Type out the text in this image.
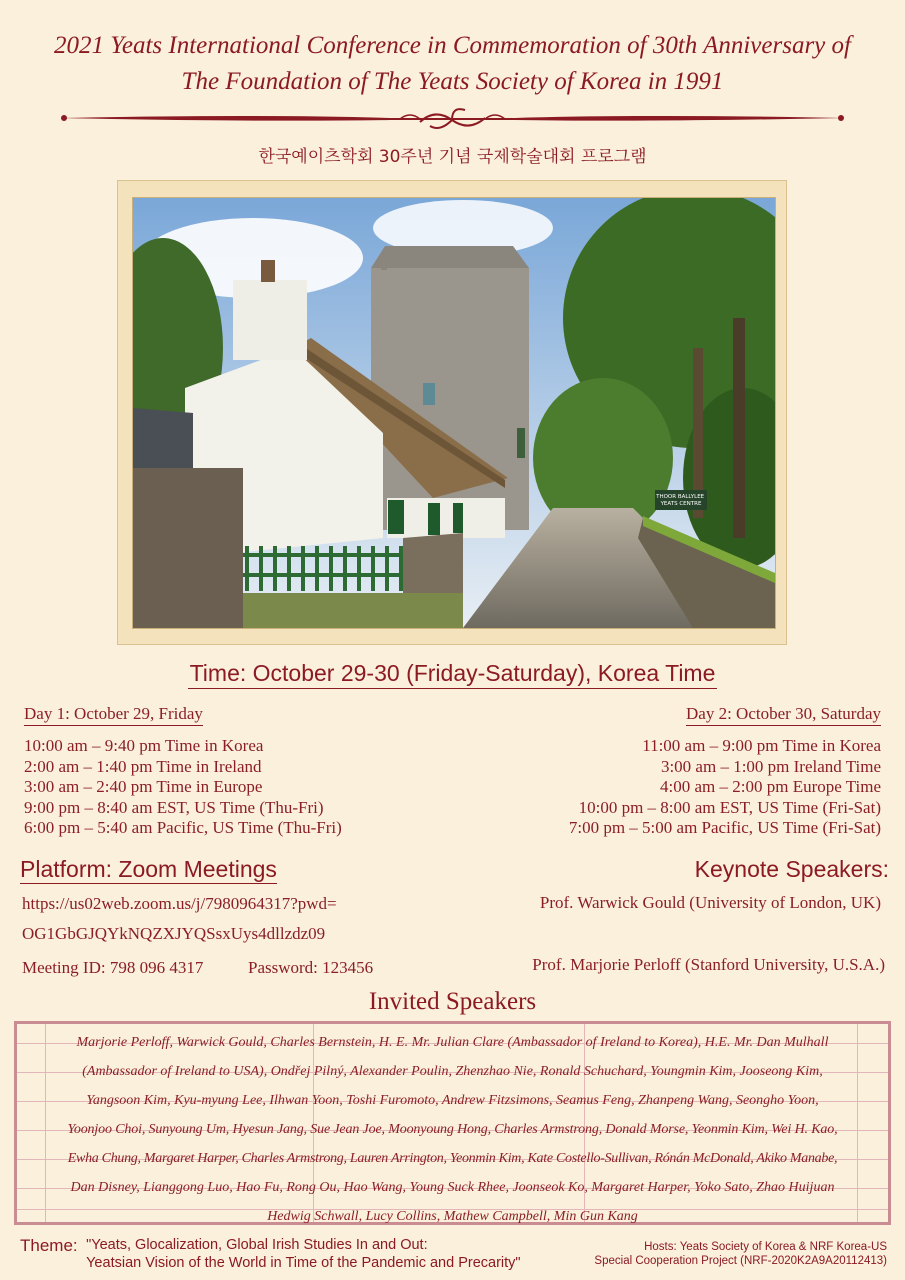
2021 Yeats International Conference in Commemoration of 30th Anniversary of
The Foundation of The Yeats Society of Korea in 1991
한국예이츠학회 30주년 기념 국제학술대회 프로그램
THOOR BALLYLEE YEATS CENTRE
Time: October 29-30 (Friday-Saturday), Korea Time
Day 1: October 29, Friday
10:00 am – 9:40 pm Time in Korea
2:00 am – 1:40 pm Time in Ireland
3:00 am – 2:40 pm Time in Europe
9:00 pm – 8:40 am EST, US Time (Thu-Fri)
6:00 pm – 5:40 am Pacific, US Time (Thu-Fri)
Day 2: October 30, Saturday
11:00 am – 9:00 pm Time in Korea
3:00 am – 1:00 pm Ireland Time
4:00 am – 2:00 pm Europe Time
10:00 pm – 8:00 am EST, US Time (Fri-Sat)
7:00 pm – 5:00 am Pacific, US Time (Fri-Sat)
Platform: Zoom Meetings
https://us02web.zoom.us/j/7980964317?pwd=
OG1GbGJQYkNQZXJYQSsxUys4dllzdz09
Meeting ID: 798 096 4317	Password: 123456
Keynote Speakers:
Prof. Warwick Gould (University of London, UK)
Prof. Marjorie Perloff (Stanford University, U.S.A.)
Invited Speakers
Marjorie Perloff, Warwick Gould, Charles Bernstein, H. E. Mr. Julian Clare (Ambassador of Ireland to Korea), H.E. Mr. Dan Mulhall
(Ambassador of Ireland to USA), Ondřej Pilný, Alexander Poulin, Zhenzhao Nie, Ronald Schuchard, Youngmin Kim, Jooseong Kim,
Yangsoon Kim, Kyu-myung Lee, Ilhwan Yoon, Toshi Furomoto, Andrew Fitzsimons, Seamus Feng, Zhanpeng Wang, Seongho Yoon,
Yoonjoo Choi, Sunyoung Um, Hyesun Jang, Sue Jean Joe, Moonyoung Hong, Charles Armstrong, Donald Morse, Yeonmin Kim, Wei H. Kao,
Ewha Chung, Margaret Harper, Charles Armstrong, Lauren Arrington, Yeonmin Kim, Kate Costello-Sullivan, Rónán McDonald, Akiko Manabe,
Dan Disney, Lianggong Luo, Hao Fu, Rong Ou, Hao Wang, Young Suck Rhee, Joonseok Ko, Margaret Harper, Yoko Sato, Zhao Huijuan
Hedwig Schwall, Lucy Collins, Mathew Campbell, Min Gun Kang
Theme: "Yeats, Glocalization, Global Irish Studies In and Out:
Yeatsian Vision of the World in Time of the Pandemic and Precarity"
Hosts: Yeats Society of Korea & NRF Korea-US
Special Cooperation Project (NRF-2020K2A9A20112413)
